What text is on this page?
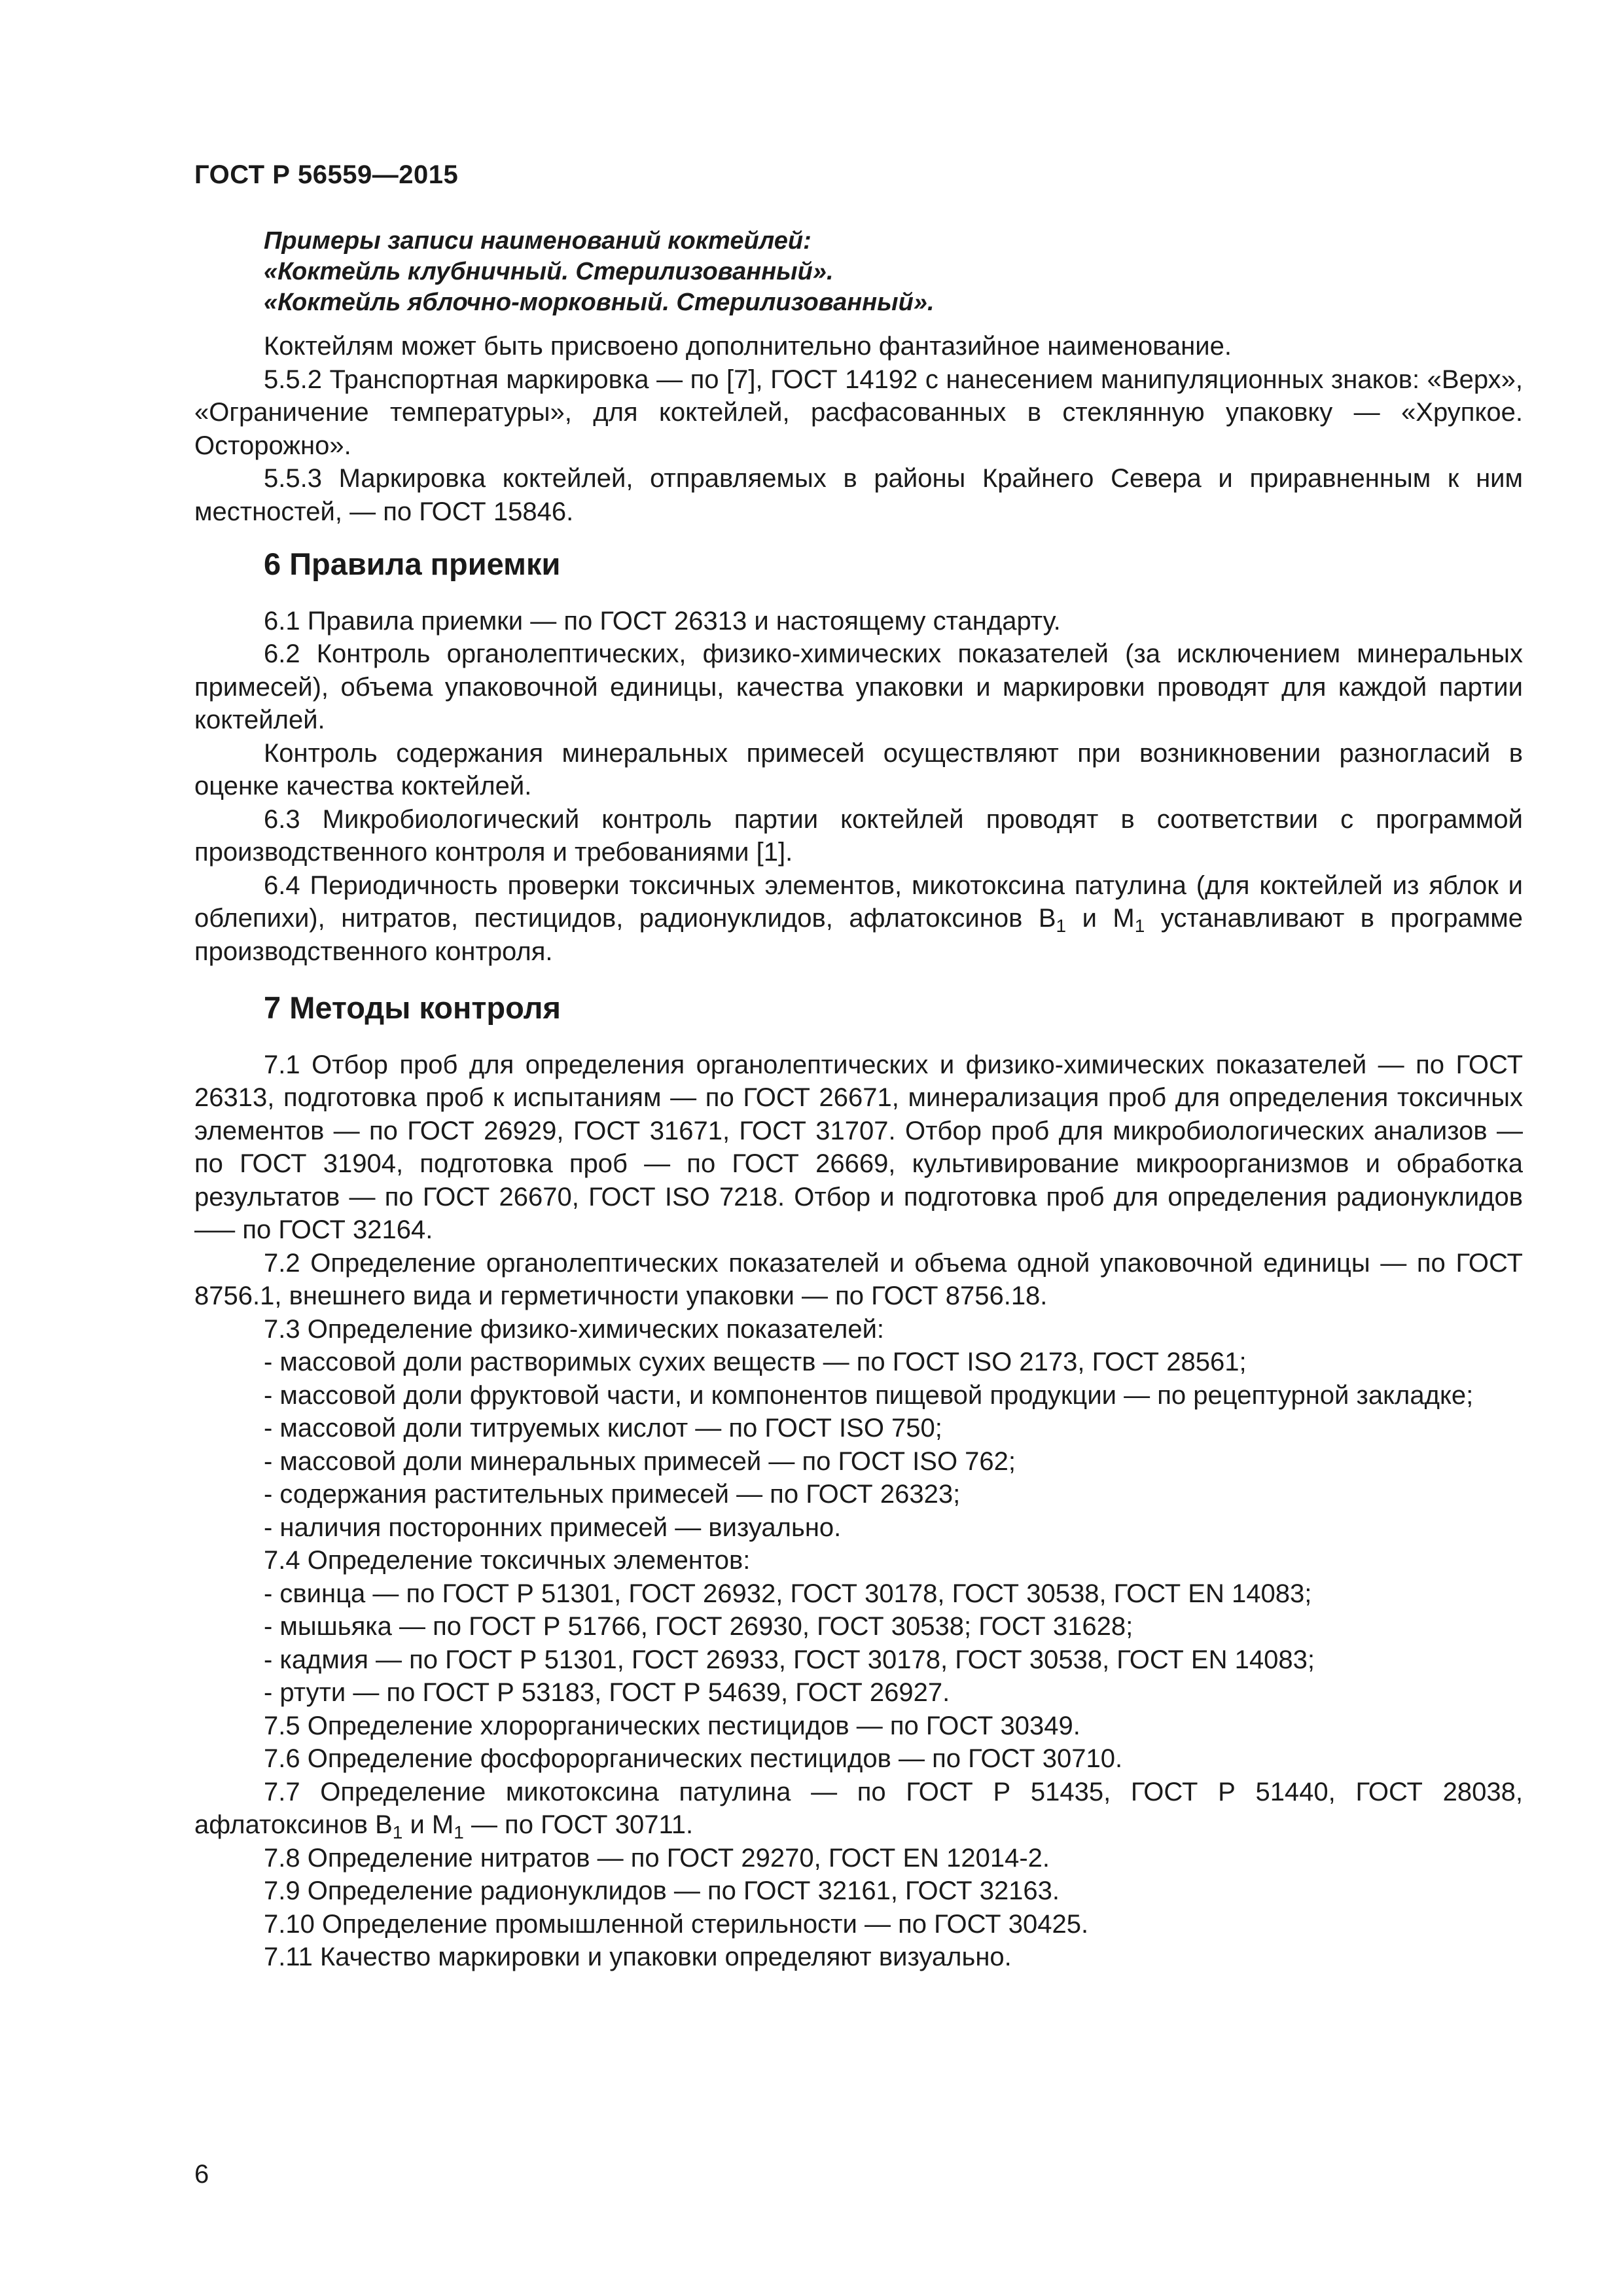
ГОСТ Р 56559—2015
Примеры записи наименований коктейлей:
«Коктейль клубничный. Стерилизованный».
«Коктейль яблочно-морковный. Стерилизованный».

Коктейлям может быть присвоено дополнительно фантазийное наименование.

5.5.2 Транспортная маркировка — по [7], ГОСТ 14192 с нанесением манипуляционных знаков: «Верх», «Ограничение температуры», для коктейлей, расфасованных в стеклянную упаковку — «Хрупкое. Осторожно».

5.5.3 Маркировка коктейлей, отправляемых в районы Крайнего Севера и приравненным к ним местностей, — по ГОСТ 15846.

6 Правила приемки

6.1 Правила приемки — по ГОСТ 26313 и настоящему стандарту.

6.2 Контроль органолептических, физико-химических показателей (за исключением минеральных примесей), объема упаковочной единицы, качества упаковки и маркировки проводят для каждой партии коктейлей.

Контроль содержания минеральных примесей осуществляют при возникновении разногласий в оценке качества коктейлей.

6.3 Микробиологический контроль партии коктейлей проводят в соответствии с программой производственного контроля и требованиями [1].

6.4 Периодичность проверки токсичных элементов, микотоксина патулина (для коктейлей из яблок и облепихи), нитратов, пестицидов, радионуклидов, афлатоксинов $В_1$ и $М_1$ устанавливают в программе производственного контроля.

7 Методы контроля

7.1 Отбор проб для определения органолептических и физико-химических показателей — по ГОСТ 26313, подготовка проб к испытаниям — по ГОСТ 26671, минерализация проб для определения токсичных элементов — по ГОСТ 26929, ГОСТ 31671, ГОСТ 31707. Отбор проб для микробиологических анализов — по ГОСТ 31904, подготовка проб — по ГОСТ 26669, культивирование микроорганизмов и обработка результатов — по ГОСТ 26670, ГОСТ ISO 7218. Отбор и подготовка проб для определения радионуклидов —– по ГОСТ 32164.

7.2 Определение органолептических показателей и объема одной упаковочной единицы — по ГОСТ 8756.1, внешнего вида и герметичности упаковки — по ГОСТ 8756.18.

7.3 Определение физико-химических показателей:

- массовой доли растворимых сухих веществ — по ГОСТ ISO 2173, ГОСТ 28561;

- массовой доли фруктовой части, и компонентов пищевой продукции — по рецептурной закладке;

- массовой доли титруемых кислот — по ГОСТ ISO 750;

- массовой доли минеральных примесей — по ГОСТ ISO 762;

- содержания растительных примесей — по ГОСТ 26323;

- наличия посторонних примесей — визуально.

7.4 Определение токсичных элементов:

- свинца — по ГОСТ Р 51301, ГОСТ 26932, ГОСТ 30178, ГОСТ 30538, ГОСТ EN 14083;

- мышьяка — по ГОСТ Р 51766, ГОСТ 26930, ГОСТ 30538; ГОСТ 31628;

- кадмия — по ГОСТ Р 51301, ГОСТ 26933, ГОСТ 30178, ГОСТ 30538, ГОСТ EN 14083;

- ртути — по ГОСТ Р 53183, ГОСТ Р 54639, ГОСТ 26927.

7.5 Определение хлорорганических пестицидов — по ГОСТ 30349.

7.6 Определение фосфорорганических пестицидов — по ГОСТ 30710.

7.7 Определение микотоксина патулина — по ГОСТ Р 51435, ГОСТ Р 51440, ГОСТ 28038, афлатоксинов $В_1$ и $М_1$ — по ГОСТ 30711.

7.8 Определение нитратов — по ГОСТ 29270, ГОСТ EN 12014-2.

7.9 Определение радионуклидов — по ГОСТ 32161, ГОСТ 32163.

7.10 Определение промышленной стерильности — по ГОСТ 30425.

7.11 Качество маркировки и упаковки определяют визуально.

6
